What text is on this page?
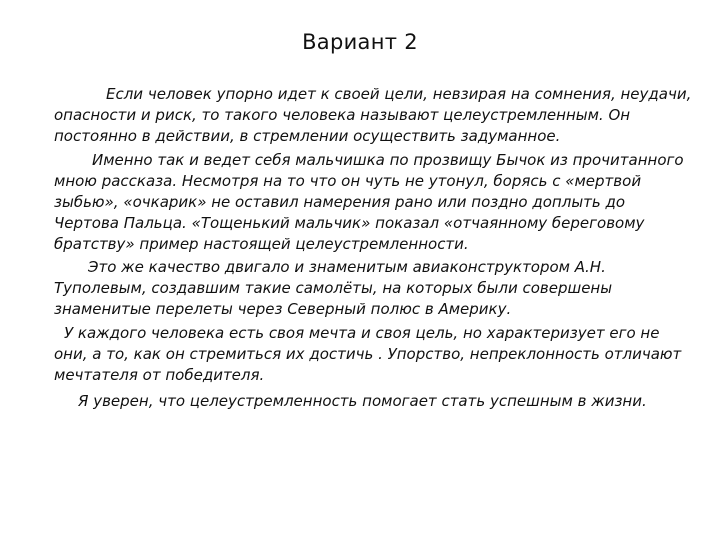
Вариант 2

Если человек упорно идет к своей цели, невзирая на сомнения, неудачи, опасности и риск, то такого человека называют целеустремленным. Он постоянно в действии, в стремлении осуществить задуманное.

Именно так и ведет себя мальчишка по прозвищу Бычок из прочитанного мною рассказа. Несмотря на то что он чуть не утонул, борясь с «мертвой зыбью», «очкарик» не оставил намерения рано или поздно доплыть до Чертова Пальца. «Тощенький мальчик» показал «отчаянному береговому братству» пример настоящей целеустремленности.

Это же качество двигало и знаменитым авиаконструктором А.Н. Туполевым, создавшим такие самолёты, на которых были совершены знаменитые перелеты через Северный полюс в Америку.

У каждого человека есть своя мечта и своя цель, но характеризует его не они, а то, как он стремиться их достичь . Упорство, непреклонность отличают мечтателя от победителя.

Я уверен, что целеустремленность помогает стать успешным в жизни.
